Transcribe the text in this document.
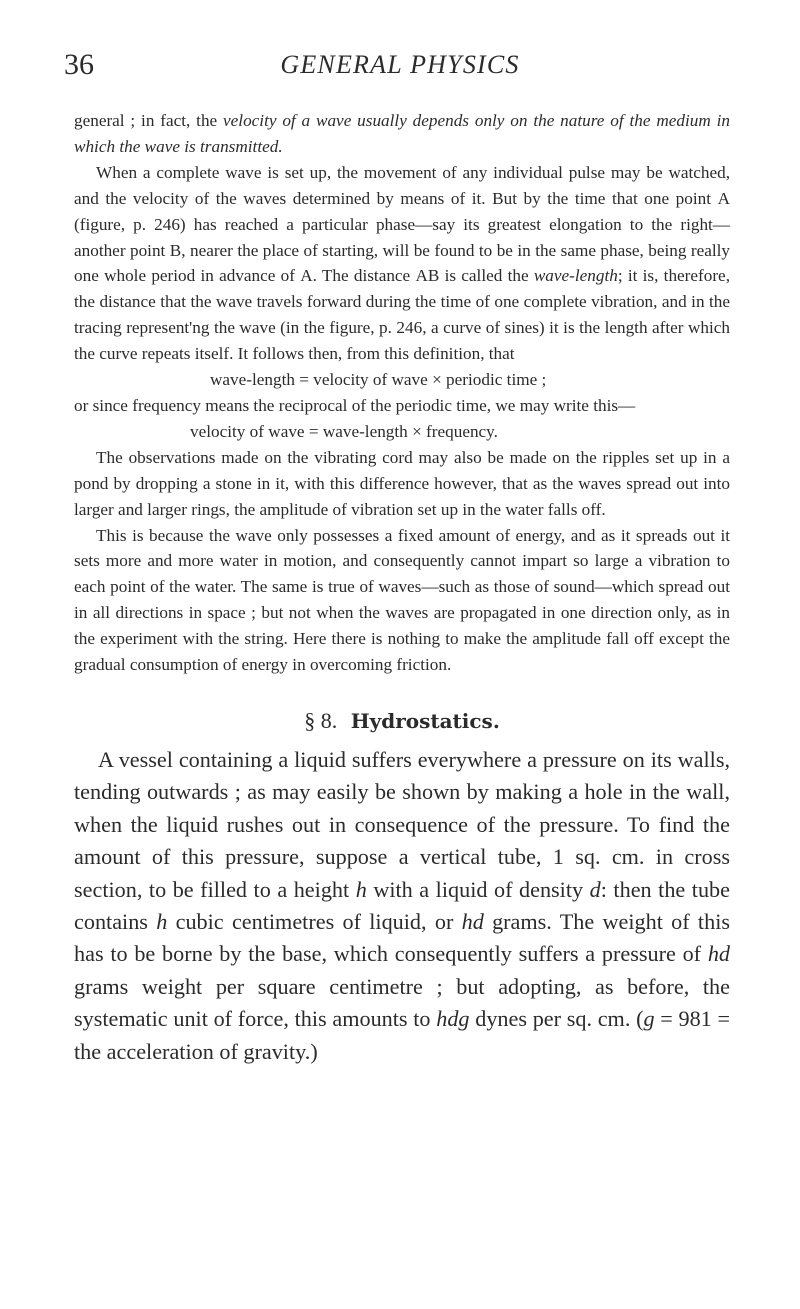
36	GENERAL PHYSICS

general ; in fact, the velocity of a wave usually depends only on the nature of the medium in which the wave is transmitted.

When a complete wave is set up, the movement of any individual pulse may be watched, and the velocity of the waves determined by means of it. But by the time that one point A (figure, p. 246) has reached a particular phase—say its greatest elongation to the right—another point B, nearer the place of starting, will be found to be in the same phase, being really one whole period in advance of A. The distance AB is called the wave-length; it is, therefore, the distance that the wave travels forward during the time of one complete vibration, and in the tracing represent'ng the wave (in the figure, p. 246, a curve of sines) it is the length after which the curve repeats itself. It follows then, from this definition, that

wave-length = velocity of wave × periodic time ;

or since frequency means the reciprocal of the periodic time, we may write this—

velocity of wave = wave-length × frequency.

The observations made on the vibrating cord may also be made on the ripples set up in a pond by dropping a stone in it, with this difference however, that as the waves spread out into larger and larger rings, the amplitude of vibration set up in the water falls off.

This is because the wave only possesses a fixed amount of energy, and as it spreads out it sets more and more water in motion, and consequently cannot impart so large a vibration to each point of the water. The same is true of waves—such as those of sound—which spread out in all directions in space ; but not when the waves are propagated in one direction only, as in the experiment with the string. Here there is nothing to make the amplitude fall off except the gradual consumption of energy in overcoming friction.

§ 8. Hydrostatics.

A vessel containing a liquid suffers everywhere a pressure on its walls, tending outwards ; as may easily be shown by making a hole in the wall, when the liquid rushes out in consequence of the pressure. To find the amount of this pressure, suppose a vertical tube, 1 sq. cm. in cross section, to be filled to a height h with a liquid of density d: then the tube contains h cubic centimetres of liquid, or hd grams. The weight of this has to be borne by the base, which consequently suffers a pressure of hd grams weight per square centimetre ; but adopting, as before, the systematic unit of force, this amounts to hdg dynes per sq. cm. (g = 981 = the acceleration of gravity.)
